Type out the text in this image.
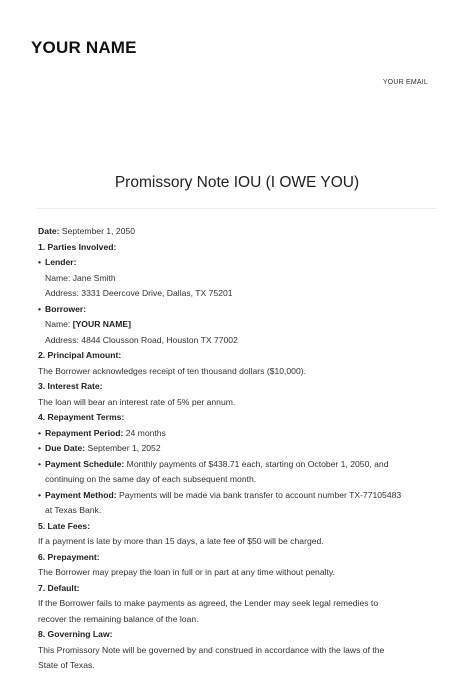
YOUR NAME
YOUR EMAIL
Promissory Note IOU (I OWE YOU)
Date: September 1, 2050
1. Parties Involved:
• Lender:
Name: Jane Smith
Address: 3331 Deercove Drive, Dallas, TX 75201
• Borrower:
Name: [YOUR NAME]
Address: 4844 Clousson Road, Houston TX 77002
2. Principal Amount:
The Borrower acknowledges receipt of ten thousand dollars ($10,000).
3. Interest Rate:
The loan will bear an interest rate of 5% per annum.
4. Repayment Terms:
• Repayment Period: 24 months
• Due Date: September 1, 2052
• Payment Schedule: Monthly payments of $438.71 each, starting on October 1, 2050, and
continuing on the same day of each subsequent month.
• Payment Method: Payments will be made via bank transfer to account number TX-77105483
at Texas Bank.
5. Late Fees:
If a payment is late by more than 15 days, a late fee of $50 will be charged.
6. Prepayment:
The Borrower may prepay the loan in full or in part at any time without penalty.
7. Default:
If the Borrower fails to make payments as agreed, the Lender may seek legal remedies to
recover the remaining balance of the loan.
8. Governing Law:
This Promissory Note will be governed by and construed in accordance with the laws of the
State of Texas.
